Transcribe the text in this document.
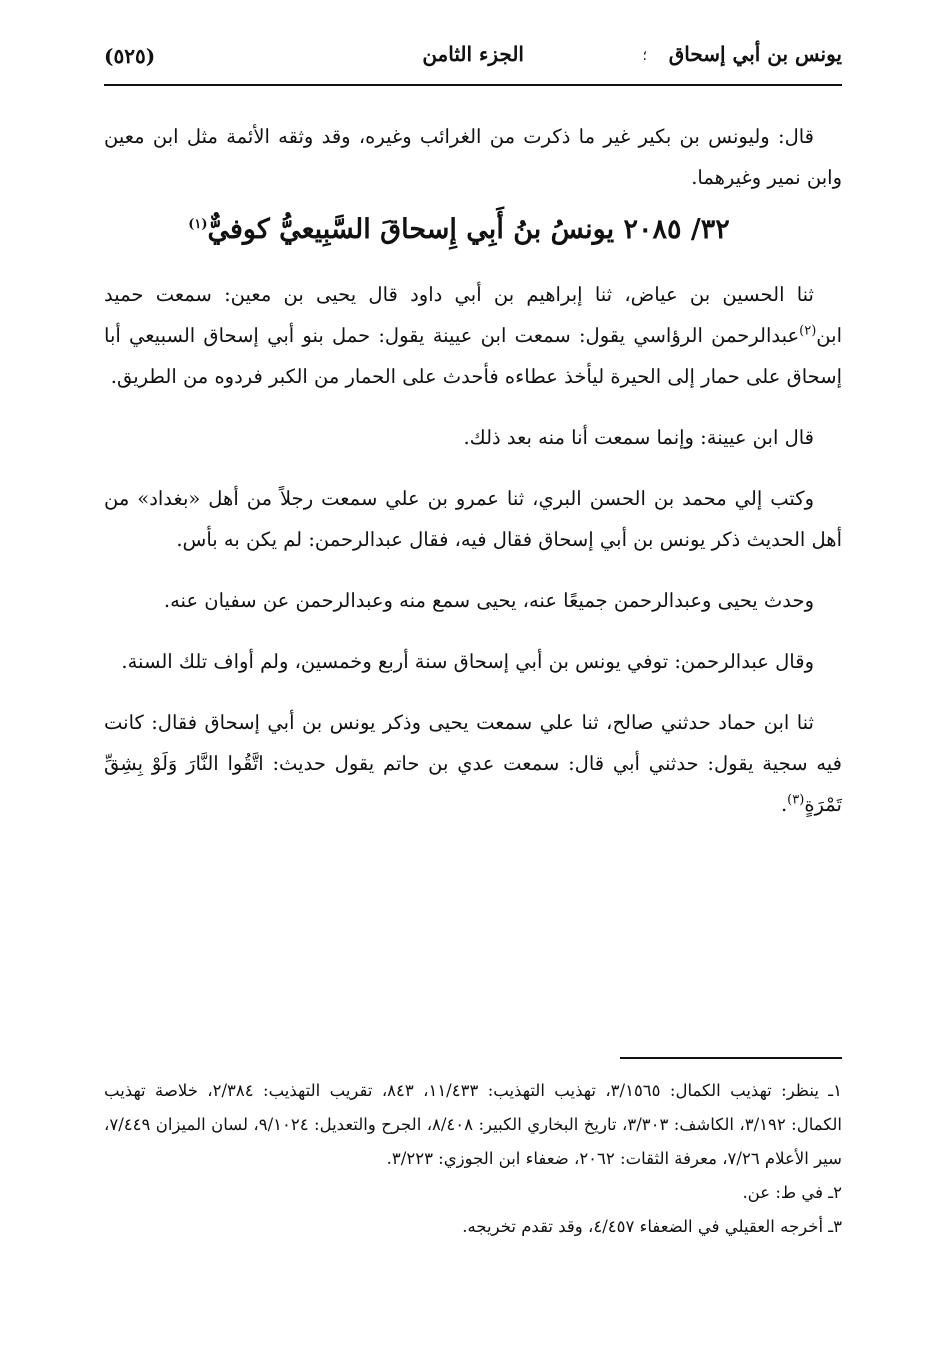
يونس بن أبي إسحاق
؛
الجزء الثامن
(٥٢٥)

قال: وليونس بن بكير غير ما ذكرت من الغرائب وغيره، وقد وثقه الأئمة مثل ابن معين وابن نمير وغيرهما.

٣٢/ ٢٠٨٥ يونسُ بنُ أَبِي إِسحاقَ السَّبِيعيُّ كوفيٌّ$^{(١)}$

ثنا الحسين بن عياض، ثنا إبراهيم بن أبي داود قال يحيى بن معين: سمعت حميد ابن$^{(٢)}$عبدالرحمن الرؤاسي يقول: سمعت ابن عيينة يقول: حمل بنو أبي إسحاق السبيعي أبا إسحاق على حمار إلى الحيرة ليأخذ عطاءه فأحدث على الحمار من الكبر فردوه من الطريق.

قال ابن عيينة: وإنما سمعت أنا منه بعد ذلك.

وكتب إلي محمد بن الحسن البري، ثنا عمرو بن علي سمعت رجلاً من أهل «بغداد» من أهل الحديث ذكر يونس بن أبي إسحاق فقال فيه، فقال عبدالرحمن: لم يكن به بأس.

وحدث يحيى وعبدالرحمن جميعًا عنه، يحيى سمع منه وعبدالرحمن عن سفيان عنه.

وقال عبدالرحمن: توفي يونس بن أبي إسحاق سنة أربع وخمسين، ولم أواف تلك السنة.

ثنا ابن حماد حدثني صالح، ثنا علي سمعت يحيى وذكر يونس بن أبي إسحاق فقال: كانت فيه سجية يقول: حدثني أبي قال: سمعت عدي بن حاتم يقول حديث: اتَّقُوا النَّارَ وَلَوْ بِشِقِّ تَمْرَةٍ$^{(٣)}$.

١ـ ينظر: تهذيب الكمال: ٣/١٥٦٥، تهذيب التهذيب: ١١/٤٣٣، ٨٤٣، تقريب التهذيب: ٢/٣٨٤، خلاصة تهذيب الكمال: ٣/١٩٢، الكاشف: ٣/٣٠٣، تاريخ البخاري الكبير: ٨/٤٠٨، الجرح والتعديل: ٩/١٠٢٤، لسان الميزان ٧/٤٤٩، سير الأعلام ٧/٢٦، معرفة الثقات: ٢٠٦٢، ضعفاء ابن الجوزي: ٣/٢٢٣.

٢ـ في ط: عن.

٣ـ أخرجه العقيلي في الضعفاء ٤/٤٥٧، وقد تقدم تخريجه.
